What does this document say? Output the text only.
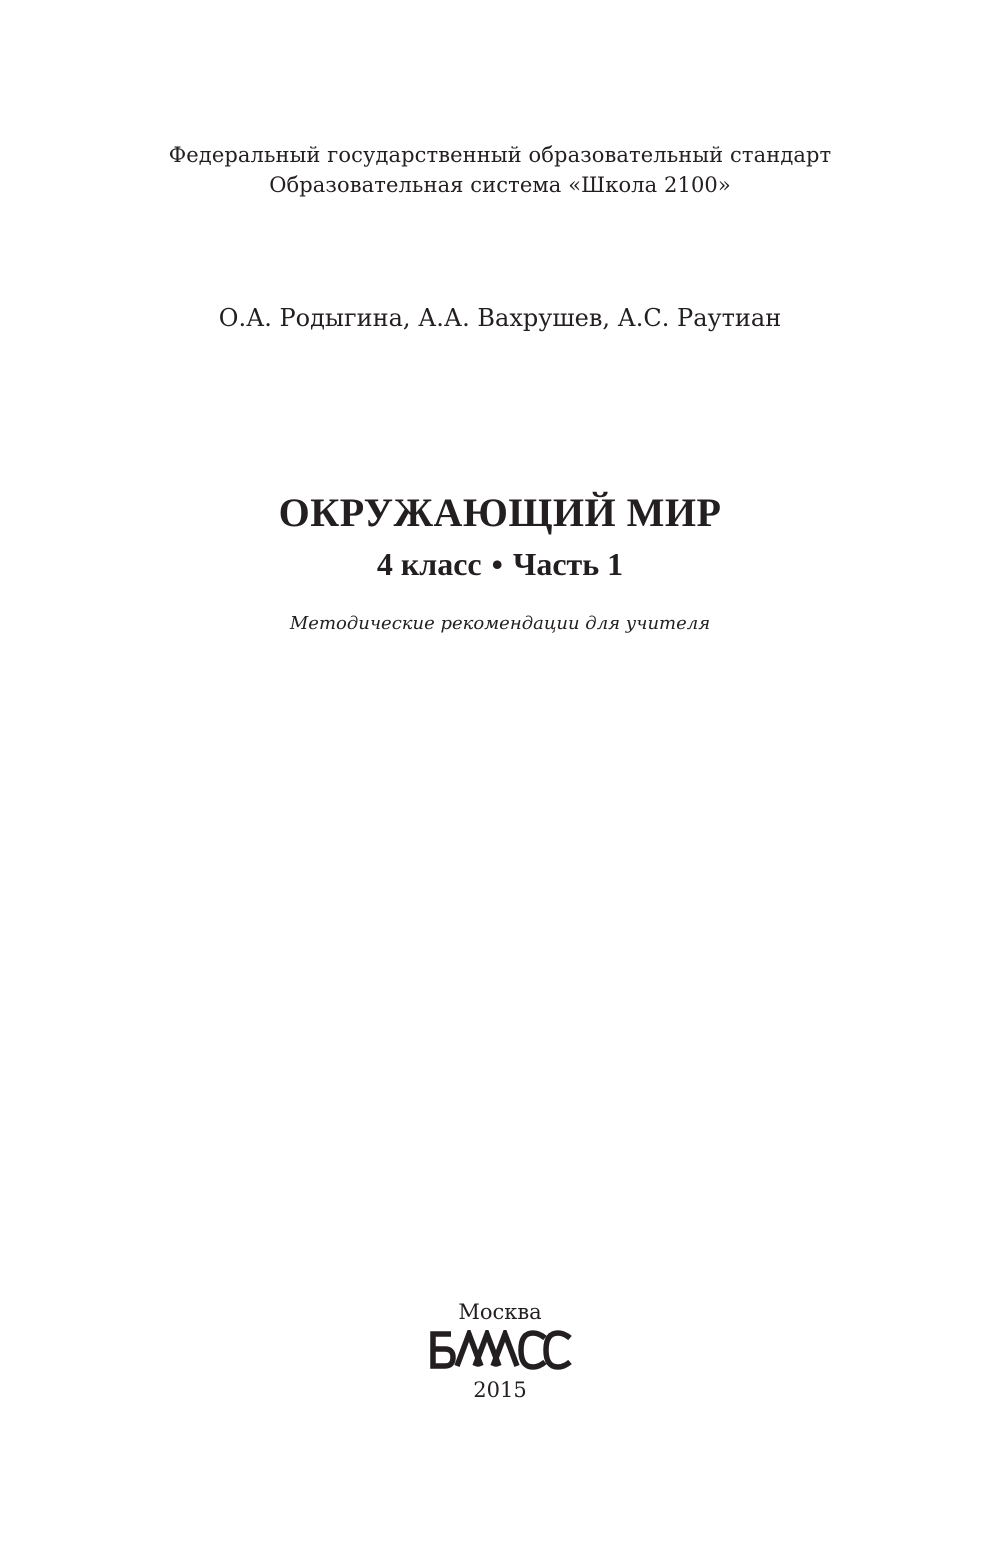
Федеральный государственный образовательный стандарт
Образовательная система «Школа 2100»
О.А. Родыгина, А.А. Вахрушев, А.С. Раутиан
ОКРУЖАЮЩИЙ МИР
4 класс • Часть 1
Методические рекомендации для учителя
Москва
2015
